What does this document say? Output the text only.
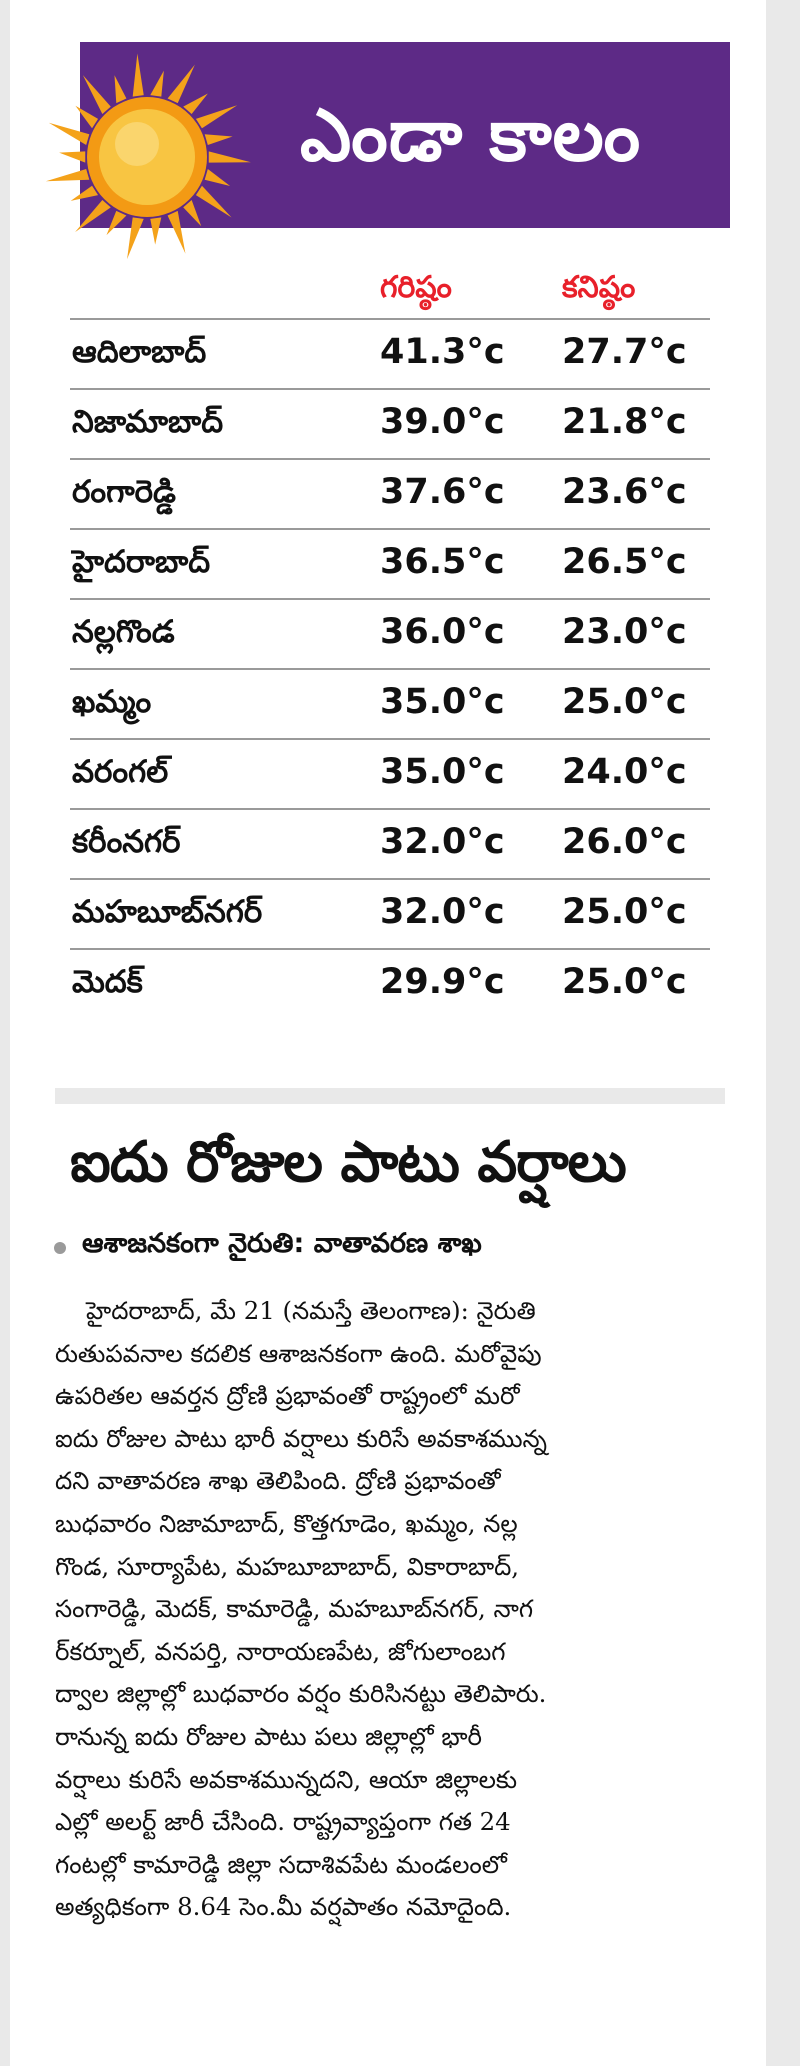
ఎండా కాలం
గరిష్ఠం	కనిష్ఠం
ఆదిలాబాద్	41.3°c 27.7°c
నిజామాబాద్	39.0°c 21.8°c
రంగారెడ్డి	37.6°c 23.6°c
హైదరాబాద్	36.5°c 26.5°c
నల్లగొండ	36.0°c 23.0°c
ఖమ్మం	35.0°c 25.0°c
వరంగల్	35.0°c 24.0°c
కరీంనగర్	32.0°c 26.0°c
మహబూబ్‌నగర్	32.0°c 25.0°c
మెదక్	29.9°c 25.0°c
ఐదు రోజుల పాటు వర్షాలు
ఆశాజనకంగా నైరుతి: వాతావరణ శాఖ

హైదరాబాద్, మే 21 (నమస్తే తెలంగాణ): నైరుతి

రుతుపవనాల కదలిక ఆశాజనకంగా ఉంది. మరోవైపు

ఉపరితల ఆవర్తన ద్రోణి ప్రభావంతో రాష్ట్రంలో మరో

ఐదు రోజుల పాటు భారీ వర్షాలు కురిసే అవకాశమున్న

దని వాతావరణ శాఖ తెలిపింది. ద్రోణి ప్రభావంతో

బుధవారం నిజామాబాద్, కొత్తగూడెం, ఖమ్మం, నల్ల

గొండ, సూర్యాపేట, మహబూబాబాద్, వికారాబాద్,

సంగారెడ్డి, మెదక్, కామారెడ్డి, మహబూబ్‌నగర్, నాగ

ర్‌కర్నూల్, వనపర్తి, నారాయణపేట, జోగులాంబగ

ద్వాల జిల్లాల్లో బుధవారం వర్షం కురిసినట్టు తెలిపారు.

రానున్న ఐదు రోజుల పాటు పలు జిల్లాల్లో భారీ

వర్షాలు కురిసే అవకాశమున్నదని, ఆయా జిల్లాలకు

ఎల్లో అలర్ట్ జారీ చేసింది. రాష్ట్రవ్యాప్తంగా గత 24

గంటల్లో కామారెడ్డి జిల్లా సదాశివపేట మండలంలో

అత్యధికంగా 8.64 సెం.మీ వర్షపాతం నమోదైంది.
